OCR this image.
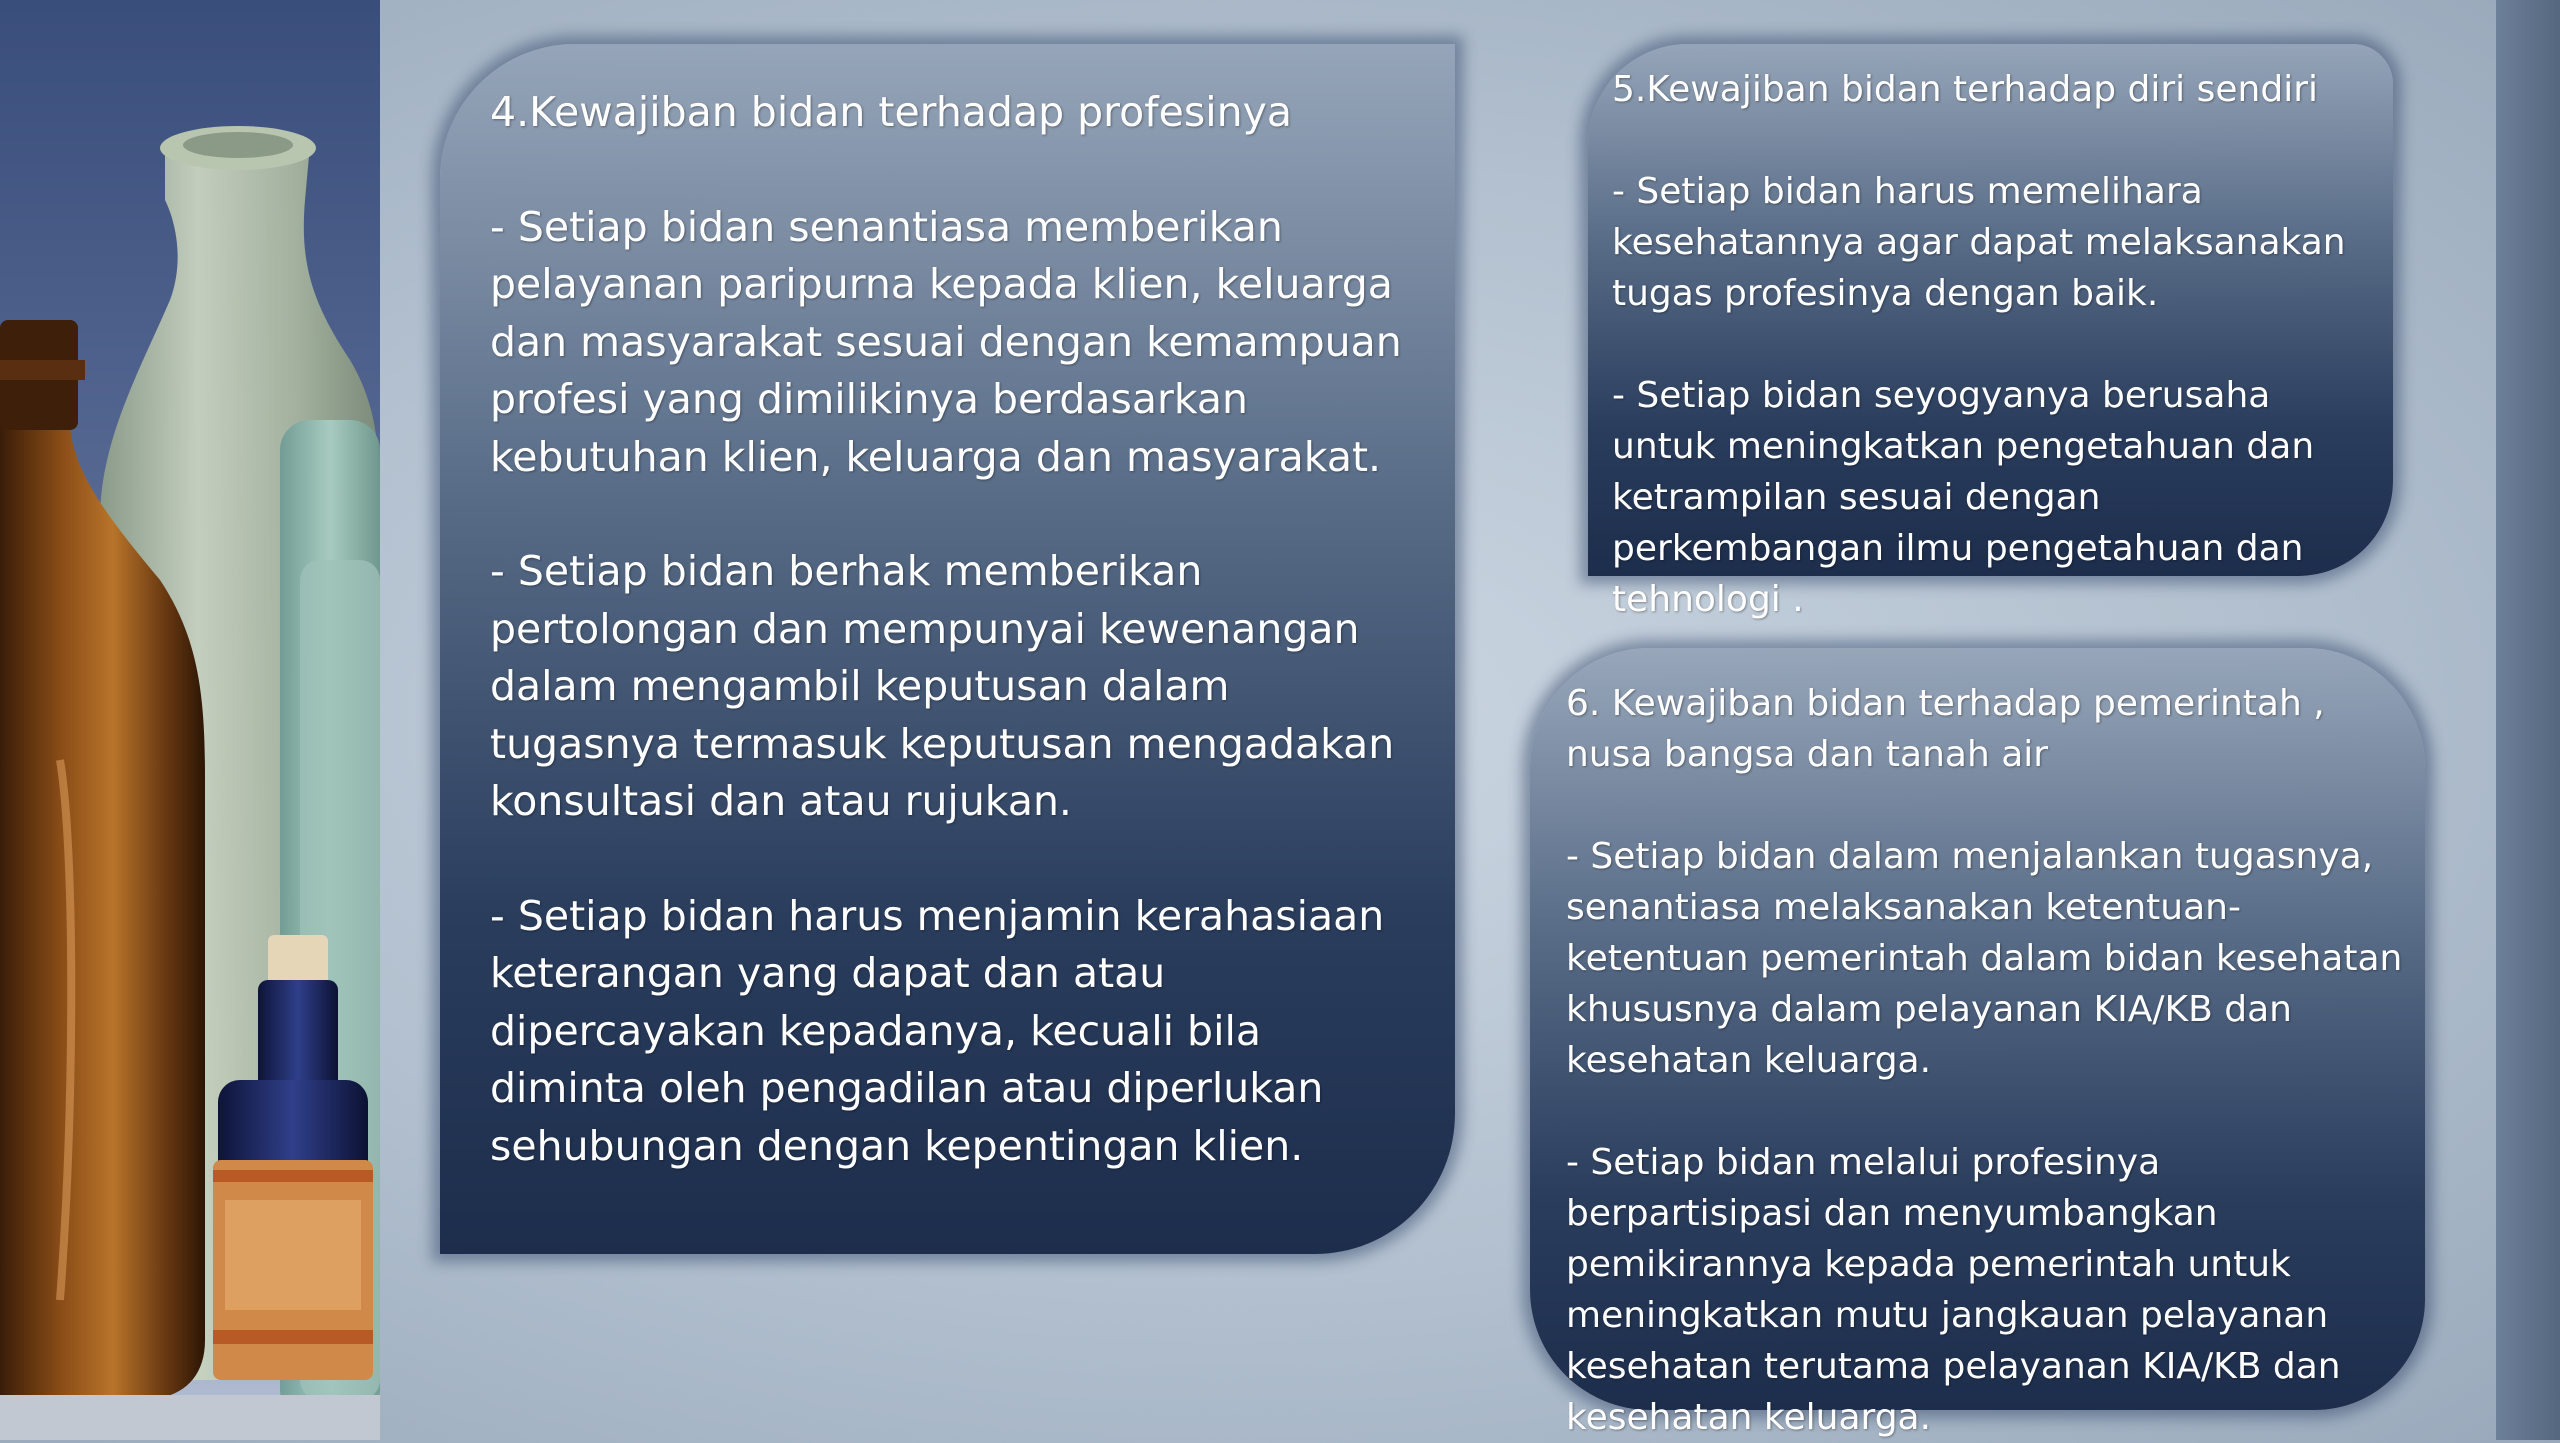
4.Kewajiban bidan terhadap profesinya

- Setiap bidan senantiasa memberikan pelayanan paripurna kepada klien, keluarga dan masyarakat sesuai dengan kemampuan profesi yang dimilikinya berdasarkan kebutuhan klien, keluarga dan masyarakat.

- Setiap bidan berhak memberikan pertolongan dan mempunyai kewenangan dalam mengambil keputusan dalam tugasnya termasuk keputusan mengadakan konsultasi dan atau rujukan.

- Setiap bidan harus menjamin kerahasiaan keterangan yang dapat dan atau dipercayakan kepadanya, kecuali bila diminta oleh pengadilan atau diperlukan sehubungan dengan kepentingan klien.

5.Kewajiban bidan terhadap diri sendiri

- Setiap bidan harus memelihara kesehatannya agar dapat melaksanakan tugas profesinya dengan baik.

- Setiap bidan seyogyanya berusaha untuk meningkatkan pengetahuan dan ketrampilan sesuai dengan perkembangan ilmu pengetahuan dan tehnologi .

6. Kewajiban bidan terhadap pemerintah , nusa bangsa dan tanah air

- Setiap bidan dalam menjalankan tugasnya, senantiasa melaksanakan ketentuan-ketentuan pemerintah dalam bidan kesehatan khususnya dalam pelayanan KIA/KB dan kesehatan keluarga.

- Setiap bidan melalui profesinya berpartisipasi dan menyumbangkan pemikirannya kepada pemerintah untuk meningkatkan mutu jangkauan pelayanan kesehatan terutama pelayanan KIA/KB dan kesehatan keluarga.
